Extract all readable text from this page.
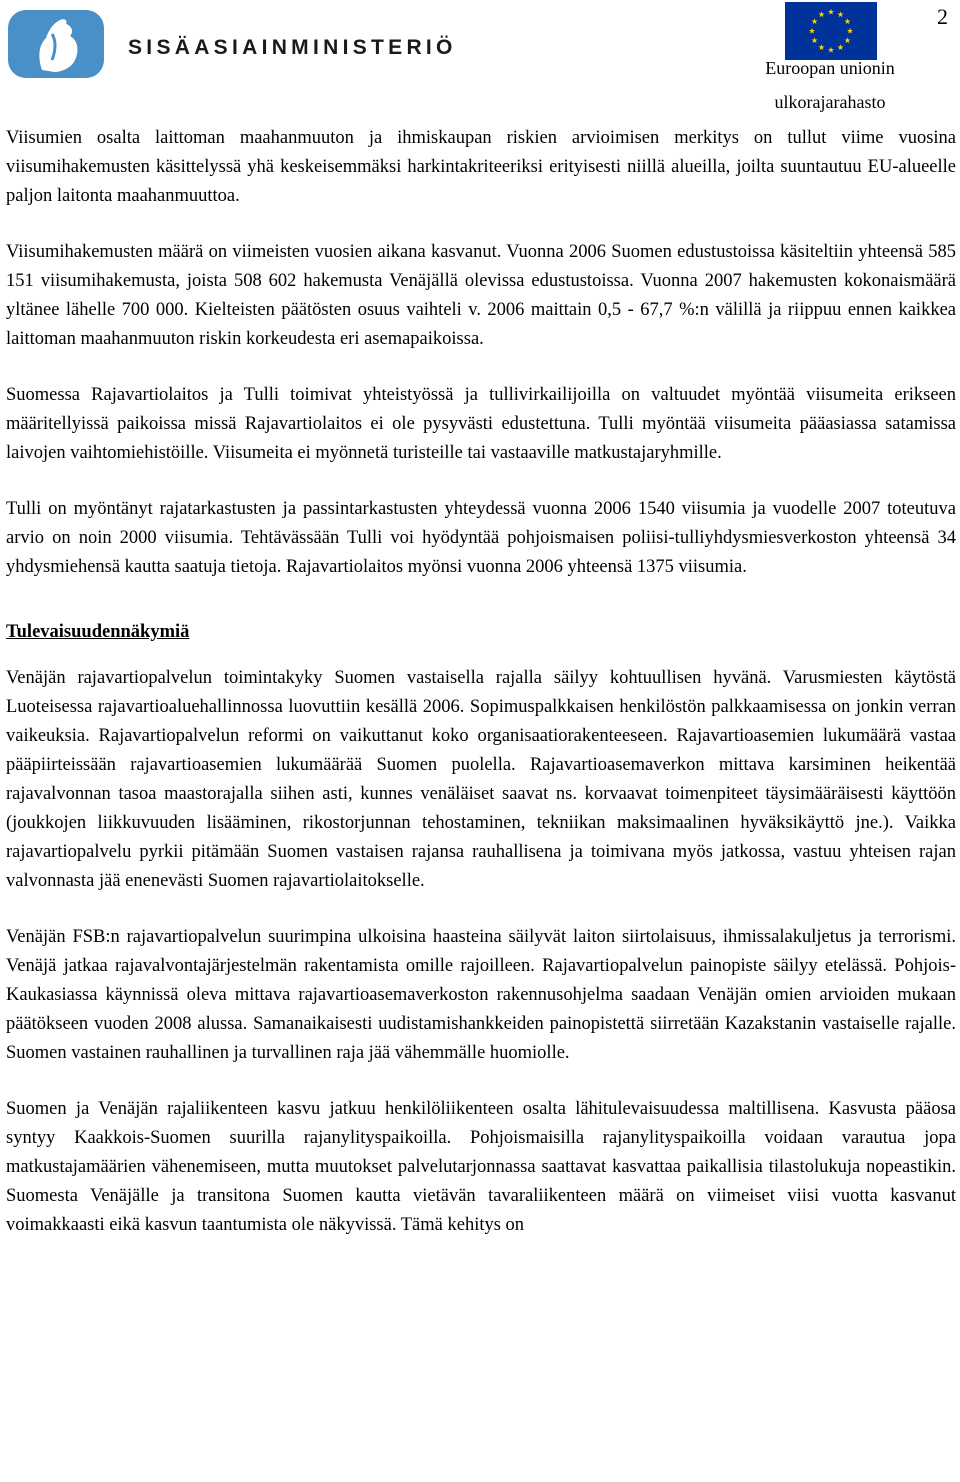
SISÄASIAINMINISTERIÖ
Euroopan unionin
ulkorajarahasto
2

Viisumien osalta laittoman maahanmuuton ja ihmiskaupan riskien arvioimisen merkitys on tullut viime vuosina viisumihakemusten käsittelyssä yhä keskeisemmäksi harkintakriteeriksi erityisesti niillä alueilla, joilta suuntautuu EU-alueelle paljon laitonta maahanmuuttoa.

Viisumihakemusten määrä on viimeisten vuosien aikana kasvanut. Vuonna 2006 Suomen edustustoissa käsiteltiin yhteensä 585 151 viisumihakemusta, joista 508 602 hakemusta Venäjällä olevissa edustustoissa. Vuonna 2007 hakemusten kokonaismäärä yltänee lähelle 700 000. Kielteisten päätösten osuus vaihteli v. 2006 maittain 0,5 - 67,7 %:n välillä ja riippuu ennen kaikkea laittoman maahanmuuton riskin korkeudesta eri asemapaikoissa.

Suomessa Rajavartiolaitos ja Tulli toimivat yhteistyössä ja tullivirkailijoilla on valtuudet myöntää viisumeita erikseen määritellyissä paikoissa missä Rajavartiolaitos ei ole pysyvästi edustettuna. Tulli myöntää viisumeita pääasiassa satamissa laivojen vaihtomiehistöille. Viisumeita ei myönnetä turisteille tai vastaaville matkustajaryhmille.

Tulli on myöntänyt rajatarkastusten ja passintarkastusten yhteydessä vuonna 2006 1540 viisumia ja vuodelle 2007 toteutuva arvio on noin 2000 viisumia. Tehtävässään Tulli voi hyödyntää pohjoismaisen poliisi-tulliyhdysmiesverkoston yhteensä 34 yhdysmiehensä kautta saatuja tietoja. Rajavartiolaitos myönsi vuonna 2006 yhteensä 1375 viisumia.

Tulevaisuudennäkymiä

Venäjän rajavartiopalvelun toimintakyky Suomen vastaisella rajalla säilyy kohtuullisen hyvänä. Varusmiesten käytöstä Luoteisessa rajavartioaluehallinnossa luovuttiin kesällä 2006. Sopimuspalkkaisen henkilöstön palkkaamisessa on jonkin verran vaikeuksia. Rajavartiopalvelun reformi on vaikuttanut koko organisaatiorakenteeseen. Rajavartioasemien lukumäärä vastaa pääpiirteissään rajavartioasemien lukumäärää Suomen puolella. Rajavartioasemaverkon mittava karsiminen heikentää rajavalvonnan tasoa maastorajalla siihen asti, kunnes venäläiset saavat ns. korvaavat toimenpiteet täysimääräisesti käyttöön (joukkojen liikkuvuuden lisääminen, rikostorjunnan tehostaminen, tekniikan maksimaalinen hyväksikäyttö jne.). Vaikka rajavartiopalvelu pyrkii pitämään Suomen vastaisen rajansa rauhallisena ja toimivana myös jatkossa, vastuu yhteisen rajan valvonnasta jää enenevästi Suomen rajavartiolaitokselle.

Venäjän FSB:n rajavartiopalvelun suurimpina ulkoisina haasteina säilyvät laiton siirtolaisuus, ihmissalakuljetus ja terrorismi. Venäjä jatkaa rajavalvontajärjestelmän rakentamista omille rajoilleen. Rajavartiopalvelun painopiste säilyy etelässä. Pohjois-Kaukasiassa käynnissä oleva mittava rajavartioasemaverkoston rakennusohjelma saadaan Venäjän omien arvioiden mukaan päätökseen vuoden 2008 alussa. Samanaikaisesti uudistamishankkeiden painopistettä siirretään Kazakstanin vastaiselle rajalle. Suomen vastainen rauhallinen ja turvallinen raja jää vähemmälle huomiolle.

Suomen ja Venäjän rajaliikenteen kasvu jatkuu henkilöliikenteen osalta lähitulevaisuudessa maltillisena. Kasvusta pääosa syntyy Kaakkois-Suomen suurilla rajanylityspaikoilla. Pohjoismaisilla rajanylityspaikoilla voidaan varautua jopa matkustajamäärien vähenemiseen, mutta muutokset palvelutarjonnassa saattavat kasvattaa paikallisia tilastolukuja nopeastikin. Suomesta Venäjälle ja transitona Suomen kautta vietävän tavaraliikenteen määrä on viimeiset viisi vuotta kasvanut voimakkaasti eikä kasvun taantumista ole näkyvissä. Tämä kehitys on
